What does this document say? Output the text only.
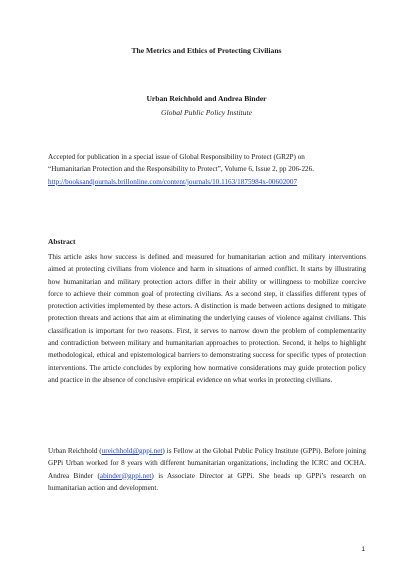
The Metrics and Ethics of Protecting Civilians
Urban Reichhold and Andrea Binder
Global Public Policy Institute
Accepted for publication in a special issue of Global Responsibility to Protect (GR2P) on
“Humanitarian Protection and the Responsibility to Protect”, Volume 6, Issue 2, pp 206-226.
http://booksandjournals.brillonline.com/content/journals/10.1163/1875984x-00602007
Abstract
This article asks how success is defined and measured for humanitarian action and military interventions aimed at protecting civilians from violence and harm in situations of armed conflict. It starts by illustrating how humanitarian and military protection actors differ in their ability or willingness to mobilize coercive force to achieve their common goal of protecting civilians. As a second step, it classifies different types of protection activities implemented by these actors. A distinction is made between actions designed to mitigate protection threats and actions that aim at eliminating the underlying causes of violence against civilians. This classification is important for two reasons. First, it serves to narrow down the problem of complementarity and contradiction between military and humanitarian approaches to protection. Second, it helps to highlight methodological, ethical and epistemological barriers to demonstrating success for specific types of protection interventions. The article concludes by exploring how normative considerations may guide protection policy and practice in the absence of conclusive empirical evidence on what works in protecting civilians.
Urban Reichhold (ureichhold@gppi.net) is Fellow at the Global Public Policy Institute (GPPi). Before joining GPPi Urban worked for 8 years with different humanitarian organizations, including the ICRC and OCHA. Andrea Binder (abinder@gppi.net) is Associate Director at GPPi. She heads up GPPi’s research on humanitarian action and development.
1
